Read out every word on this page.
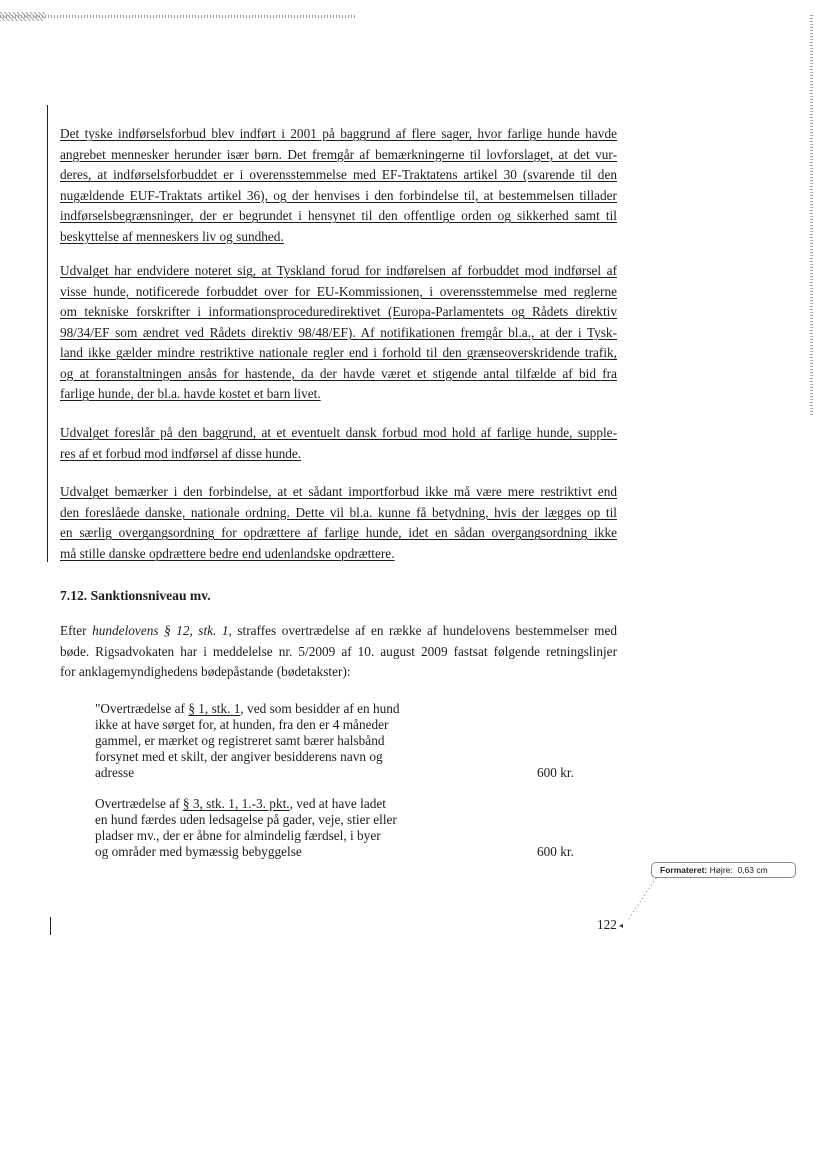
Det tyske indførselsforbud blev indført i 2001 på baggrund af flere sager, hvor farlige hunde havde
angrebet mennesker herunder især børn. Det fremgår af bemærkningerne til lovforslaget, at det vur-
deres, at indførselsforbuddet er i overensstemmelse med EF-Traktatens artikel 30 (svarende til den
nugældende EUF-Traktats artikel 36), og der henvises i den forbindelse til, at bestemmelsen tillader
indførselsbegrænsninger, der er begrundet i hensynet til den offentlige orden og sikkerhed samt til
beskyttelse af menneskers liv og sundhed.
Udvalget har endvidere noteret sig, at Tyskland forud for indførelsen af forbuddet mod indførsel af
visse hunde, notificerede forbuddet over for EU-Kommissionen, i overensstemmelse med reglerne
om tekniske forskrifter i informationsproceduredirektivet (Europa-Parlamentets og Rådets direktiv
98/34/EF som ændret ved Rådets direktiv 98/48/EF). Af notifikationen fremgår bl.a., at der i Tysk-
land ikke gælder mindre restriktive nationale regler end i forhold til den grænseoverskridende trafik,
og at foranstaltningen ansås for hastende, da der havde været et stigende antal tilfælde af bid fra
farlige hunde, der bl.a. havde kostet et barn livet.
Udvalget foreslår på den baggrund, at et eventuelt dansk forbud mod hold af farlige hunde, supple-
res af et forbud mod indførsel af disse hunde.
Udvalget bemærker i den forbindelse, at et sådant importforbud ikke må være mere restriktivt end
den foreslåede danske, nationale ordning. Dette vil bl.a. kunne få betydning, hvis der lægges op til
en særlig overgangsordning for opdrættere af farlige hunde, idet en sådan overgangsordning ikke
må stille danske opdrættere bedre end udenlandske opdrættere.
7.12. Sanktionsniveau mv.
Efter hundelovens § 12, stk. 1, straffes overtrædelse af en række af hundelovens bestemmelser med
bøde. Rigsadvokaten har i meddelelse nr. 5/2009 af 10. august 2009 fastsat følgende retningslinjer
for anklagemyndighedens bødepåstande (bødetakster):
"Overtrædelse af § 1, stk. 1, ved som besidder af en hund
ikke at have sørget for, at hunden, fra den er 4 måneder
gammel, er mærket og registreret samt bærer halsbånd
forsynet med et skilt, der angiver besidderens navn og
adresse	600 kr.
Overtrædelse af § 3, stk. 1, 1.-3. pkt., ved at have ladet
en hund færdes uden ledsagelse på gader, veje, stier eller
pladser mv., der er åbne for almindelig færdsel, i byer
og områder med bymæssig bebyggelse	600 kr.
Formateret: Højre:  0,63 cm
122 ◂
